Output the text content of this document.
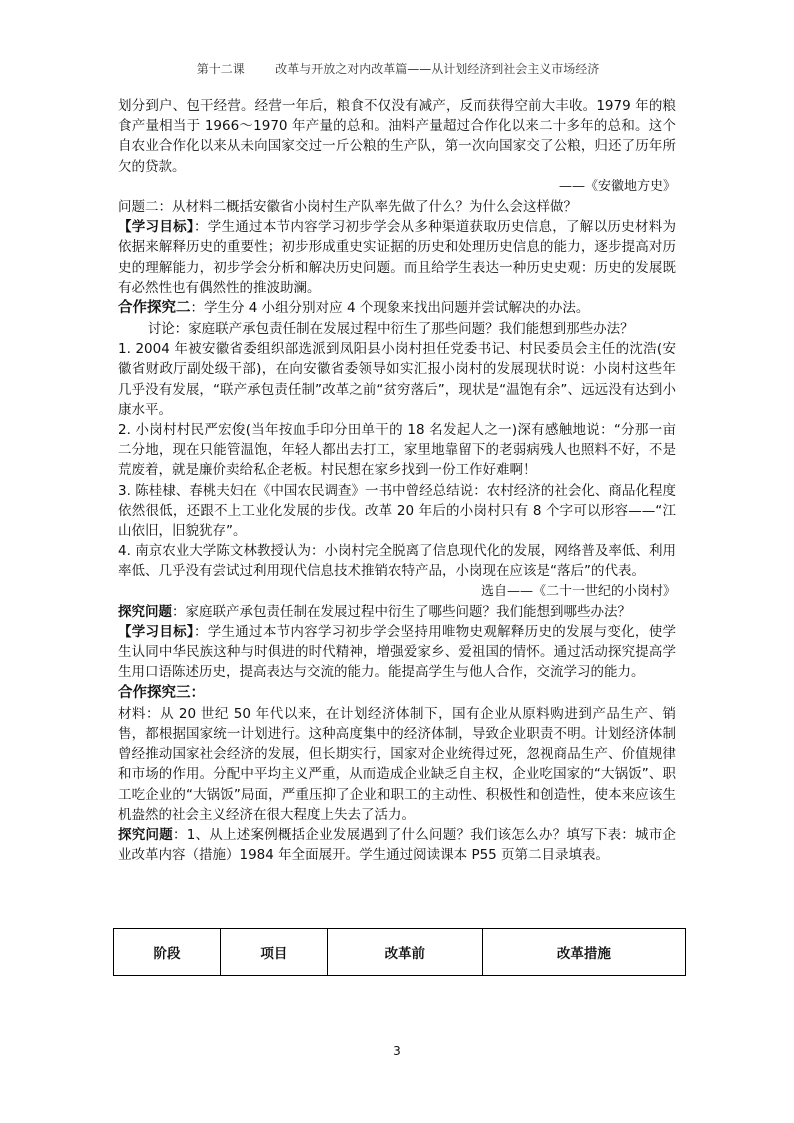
第十二课        改革与开放之对内改革篇——从计划经济到社会主义市场经济

划分到户、包干经营。经营一年后，粮食不仅没有减产，反而获得空前大丰收。1979 年的粮食产量相当于 1966～1970 年产量的总和。油料产量超过合作化以来二十多年的总和。这个自农业合作化以来从未向国家交过一斤公粮的生产队，第一次向国家交了公粮，归还了历年所欠的贷款。

——《安徽地方史》

问题二：从材料二概括安徽省小岗村生产队率先做了什么？为什么会这样做？

【学习目标】：学生通过本节内容学习初步学会从多种渠道获取历史信息，了解以历史材料为依据来解释历史的重要性；初步形成重史实证据的历史和处理历史信息的能力，逐步提高对历史的理解能力，初步学会分析和解决历史问题。而且给学生表达一种历史史观：历史的发展既有必然性也有偶然性的推波助澜。

合作探究二：学生分 4 小组分别对应 4 个现象来找出问题并尝试解决的办法。

讨论：家庭联产承包责任制在发展过程中衍生了那些问题？我们能想到那些办法？

1. 2004 年被安徽省委组织部选派到凤阳县小岗村担任党委书记、村民委员会主任的沈浩(安徽省财政厅副处级干部)，在向安徽省委领导如实汇报小岗村的发展现状时说：小岗村这些年几乎没有发展，“联产承包责任制”改革之前“贫穷落后”，现状是“温饱有余”、远远没有达到小康水平。

2. 小岗村村民严宏俊(当年按血手印分田单干的 18 名发起人之一)深有感触地说：“分那一亩二分地，现在只能管温饱，年轻人都出去打工，家里地靠留下的老弱病残人也照料不好，不是荒废着，就是廉价卖给私企老板。村民想在家乡找到一份工作好难啊！

3. 陈桂棣、春桃夫妇在《中国农民调查》一书中曾经总结说：农村经济的社会化、商品化程度依然很低，还跟不上工业化发展的步伐。改革 20 年后的小岗村只有 8 个字可以形容——“江山依旧，旧貌犹存”。

4. 南京农业大学陈文林教授认为：小岗村完全脱离了信息现代化的发展，网络普及率低、利用率低、几乎没有尝试过利用现代信息技术推销农特产品，小岗现在应该是“落后”的代表。

选自——《二十一世纪的小岗村》

探究问题：家庭联产承包责任制在发展过程中衍生了哪些问题？我们能想到哪些办法？

【学习目标】：学生通过本节内容学习初步学会坚持用唯物史观解释历史的发展与变化，使学生认同中华民族这种与时俱进的时代精神，增强爱家乡、爱祖国的情怀。通过活动探究提高学生用口语陈述历史，提高表达与交流的能力。能提高学生与他人合作，交流学习的能力。

合作探究三：

材料：从 20 世纪 50 年代以来，在计划经济体制下，国有企业从原料购进到产品生产、销售，都根据国家统一计划进行。这种高度集中的经济体制，导致企业职责不明。计划经济体制曾经推动国家社会经济的发展，但长期实行，国家对企业统得过死，忽视商品生产、价值规律和市场的作用。分配中平均主义严重，从而造成企业缺乏自主权，企业吃国家的“大锅饭”、职工吃企业的“大锅饭”局面，严重压抑了企业和职工的主动性、积极性和创造性，使本来应该生机盎然的社会主义经济在很大程度上失去了活力。

探究问题：1、从上述案例概括企业发展遇到了什么问题？我们该怎么办？填写下表：城市企业改革内容（措施）1984 年全面展开。学生通过阅读课本 P55 页第二目录填表。

阶段	项目	改革前	改革措施
3
